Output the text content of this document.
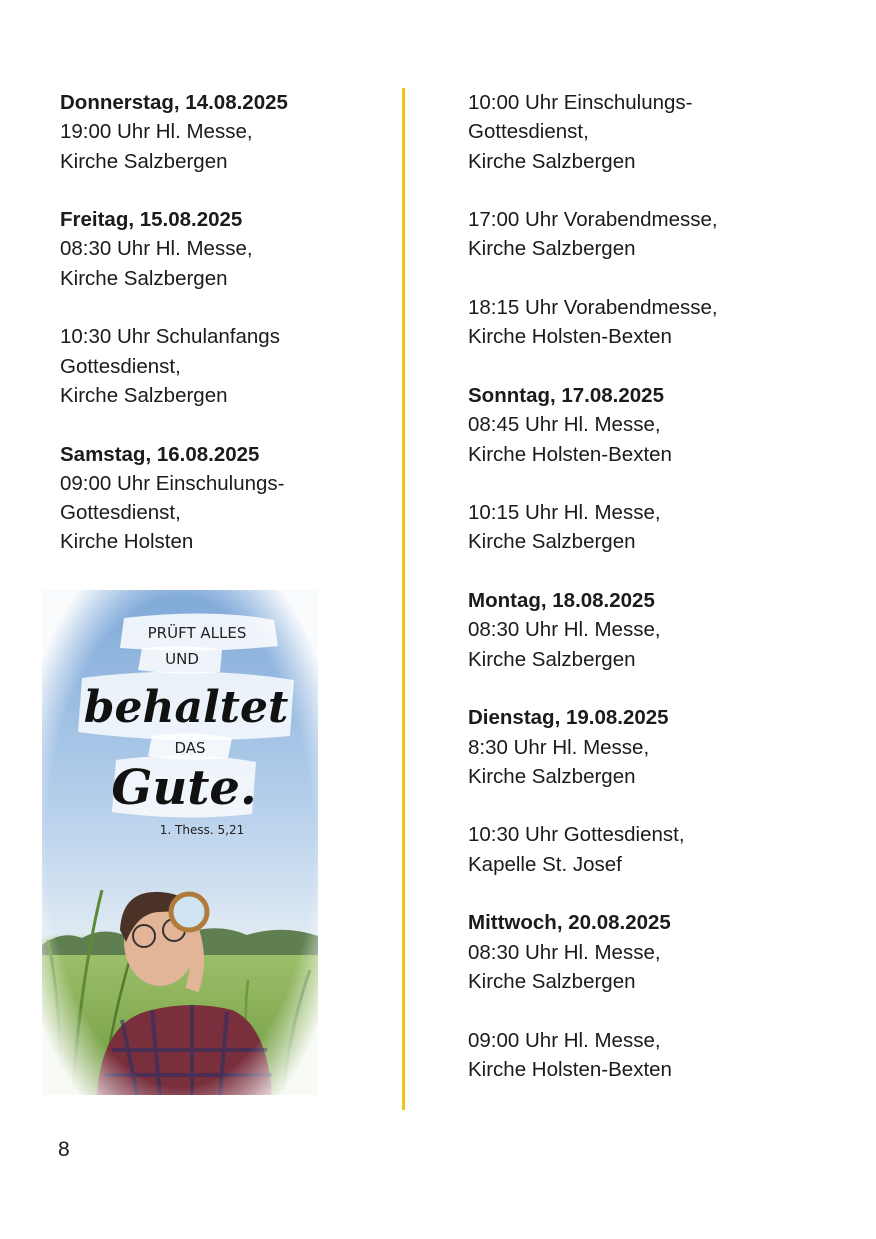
Donnerstag, 14.08.2025
19:00 Uhr Hl. Messe,
Kirche Salzbergen
Freitag, 15.08.2025
08:30 Uhr Hl. Messe,
Kirche Salzbergen
10:30 Uhr Schulanfangs
Gottesdienst,
Kirche Salzbergen
Samstag, 16.08.2025
09:00 Uhr Einschulungs-
Gottesdienst,
Kirche Holsten
10:00 Uhr Einschulungs-
Gottesdienst,
Kirche Salzbergen
17:00 Uhr Vorabendmesse,
Kirche Salzbergen
18:15 Uhr Vorabendmesse,
Kirche Holsten-Bexten
Sonntag, 17.08.2025
08:45 Uhr Hl. Messe,
Kirche Holsten-Bexten
10:15 Uhr Hl. Messe,
Kirche Salzbergen
Montag, 18.08.2025
08:30 Uhr Hl. Messe,
Kirche Salzbergen
Dienstag, 19.08.2025
8:30 Uhr Hl. Messe,
Kirche Salzbergen
10:30 Uhr Gottesdienst,
Kapelle St. Josef
Mittwoch, 20.08.2025
08:30 Uhr Hl. Messe,
Kirche Salzbergen
09:00 Uhr Hl. Messe,
Kirche Holsten-Bexten
8
